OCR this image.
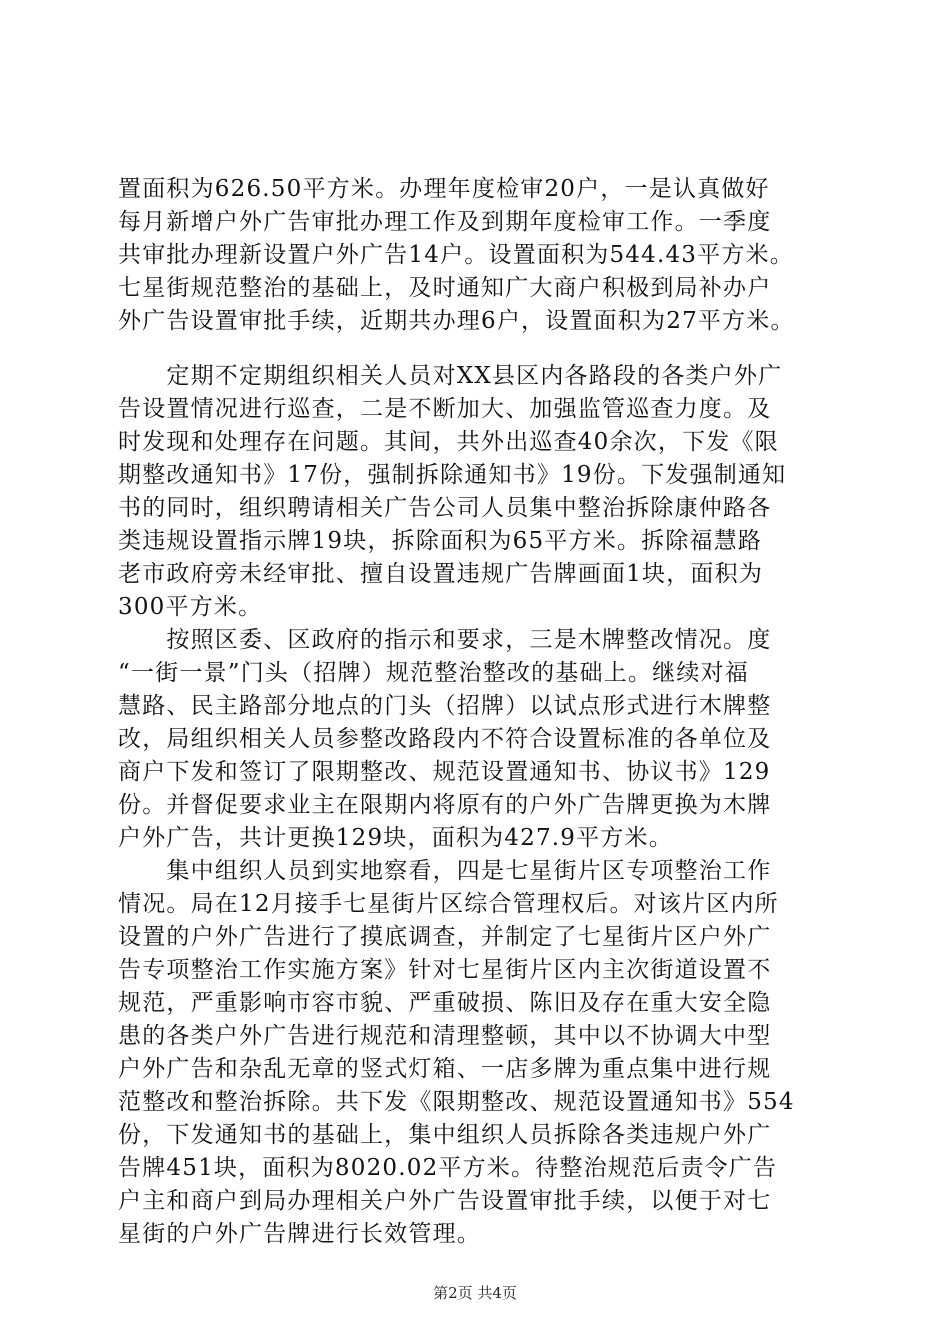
置面积为626.50平方米。办理年度检审20户，一是认真做好
每月新增户外广告审批办理工作及到期年度检审工作。一季度
共审批办理新设置户外广告14户。设置面积为544.43平方米。
七星街规范整治的基础上，及时通知广大商户积极到局补办户
外广告设置审批手续，近期共办理6户，设置面积为27平方米。
　　定期不定期组织相关人员对XX县区内各路段的各类户外广
告设置情况进行巡查，二是不断加大、加强监管巡查力度。及
时发现和处理存在问题。其间，共外出巡查40余次，下发《限
期整改通知书》17份，强制拆除通知书》19份。下发强制通知
书的同时，组织聘请相关广告公司人员集中整治拆除康仲路各
类违规设置指示牌19块，拆除面积为65平方米。拆除福慧路
老市政府旁未经审批、擅自设置违规广告牌画面1块，面积为
300平方米。
　　按照区委、区政府的指示和要求，三是木牌整改情况。度
“一街一景”门头（招牌）规范整治整改的基础上。继续对福
慧路、民主路部分地点的门头（招牌）以试点形式进行木牌整
改，局组织相关人员参整改路段内不符合设置标准的各单位及
商户下发和签订了限期整改、规范设置通知书、协议书》129
份。并督促要求业主在限期内将原有的户外广告牌更换为木牌
户外广告，共计更换129块，面积为427.9平方米。
　　集中组织人员到实地察看，四是七星街片区专项整治工作
情况。局在12月接手七星街片区综合管理权后。对该片区内所
设置的户外广告进行了摸底调查，并制定了七星街片区户外广
告专项整治工作实施方案》针对七星街片区内主次街道设置不
规范，严重影响市容市貌、严重破损、陈旧及存在重大安全隐
患的各类户外广告进行规范和清理整顿，其中以不协调大中型
户外广告和杂乱无章的竖式灯箱、一店多牌为重点集中进行规
范整改和整治拆除。共下发《限期整改、规范设置通知书》554
份，下发通知书的基础上，集中组织人员拆除各类违规户外广
告牌451块，面积为8020.02平方米。待整治规范后责令广告
户主和商户到局办理相关户外广告设置审批手续，以便于对七
星街的户外广告牌进行长效管理。
第2页 共4页
